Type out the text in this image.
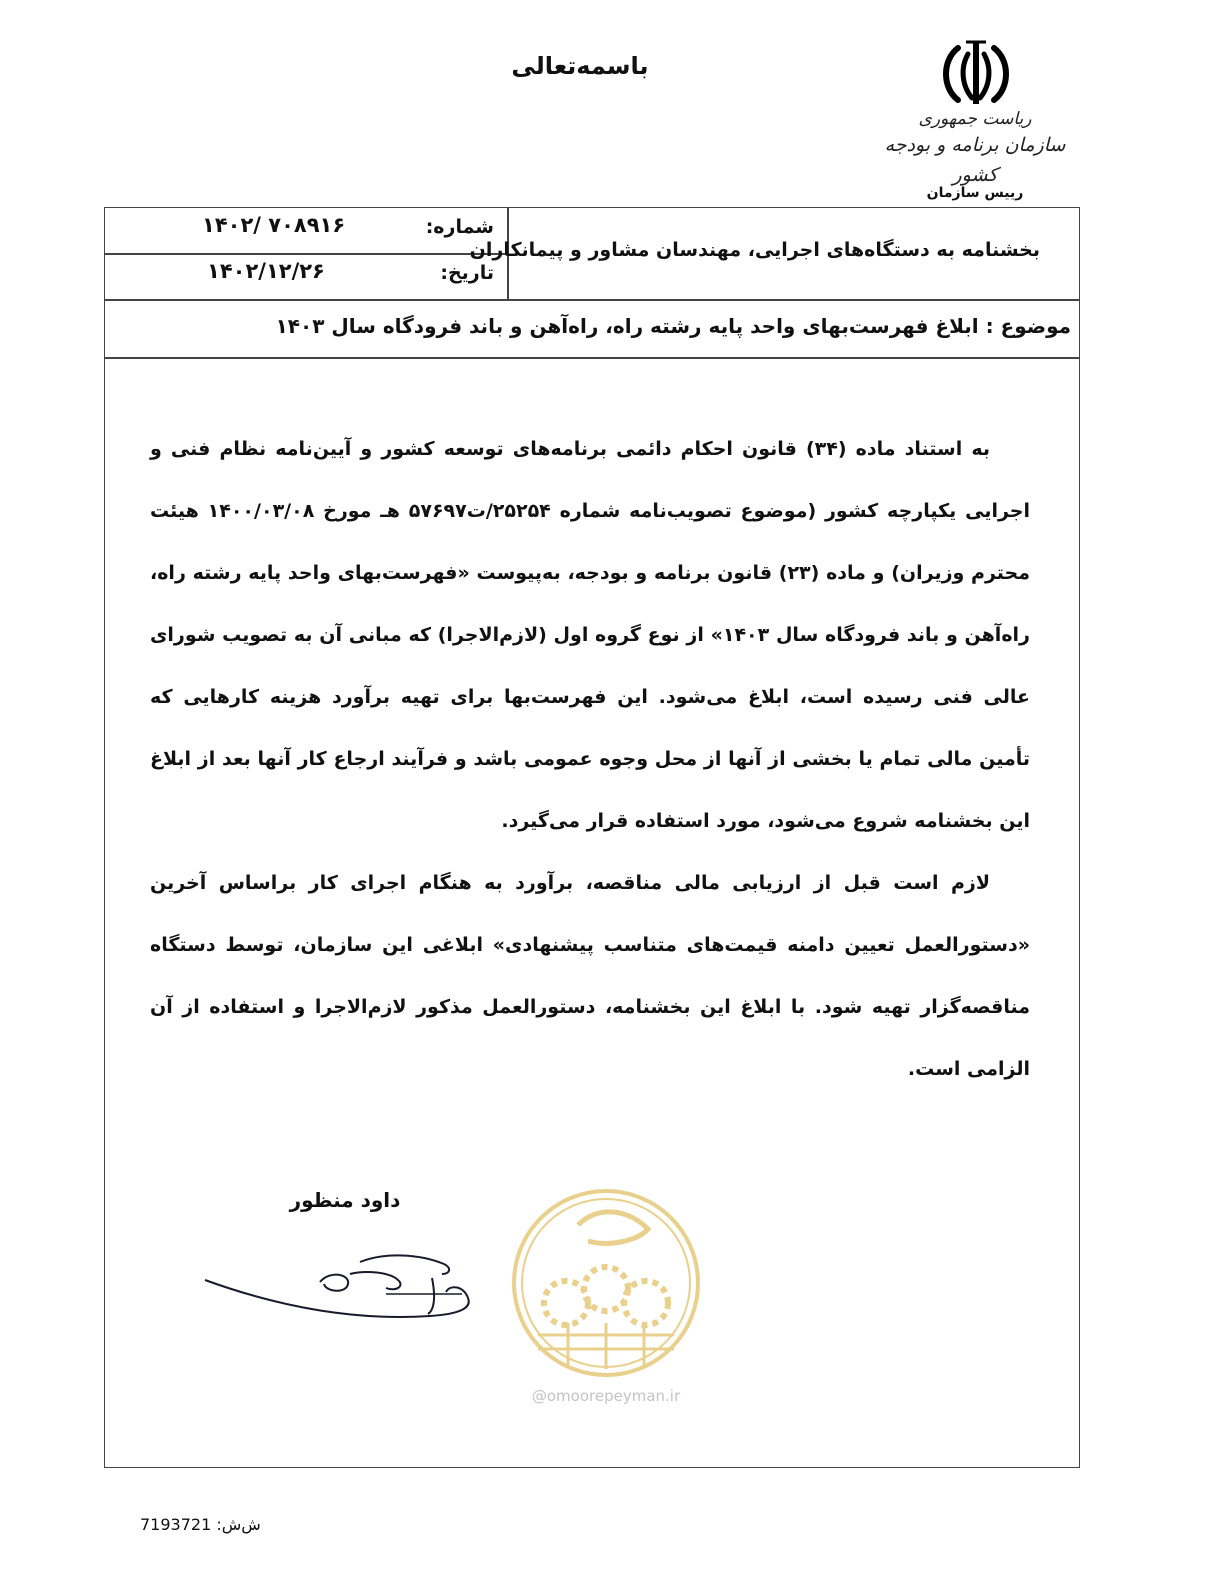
باسمه‌تعالی
ریاست جمهوری
سازمان برنامه و بودجه کشور
رییس سازمان
شماره:
۱۴۰۲/ ۷۰۸۹۱۶
تاریخ:
۱۴۰۲/۱۲/۲۶
بخشنامه به دستگاه‌های اجرایی، مهندسان مشاور و پیمانکاران
موضوع : ابلاغ فهرست‌بهای واحد پایه رشته راه، راه‌آهن و باند فرودگاه سال ۱۴۰۳

به استناد ماده (۳۴) قانون احکام دائمی برنامه‌های توسعه کشور و آیین‌نامه نظام فنی و اجرایی یکپارچه کشور (موضوع تصویب‌نامه شماره ۲۵۲۵۴/ت۵۷۶۹۷ هـ مورخ ۱۴۰۰/۰۳/۰۸ هیئت محترم وزیران) و ماده (۲۳) قانون برنامه و بودجه، به‌پیوست «فهرست‌بهای واحد پایه رشته راه، راه‌آهن و باند فرودگاه سال ۱۴۰۳» از نوع گروه اول (لازم‌الاجرا) که مبانی آن به تصویب شورای عالی فنی رسیده است، ابلاغ می‌شود. این فهرست‌بها برای تهیه برآورد هزینه کارهایی که تأمین مالی تمام یا بخشی از آنها از محل وجوه عمومی باشد و فرآیند ارجاع کار آنها بعد از ابلاغ این بخشنامه شروع می‌شود، مورد استفاده قرار می‌گیرد.

لازم است قبل از ارزیابی مالی مناقصه، برآورد به هنگام اجرای کار براساس آخرین «دستورالعمل تعیین دامنه قیمت‌های متناسب پیشنهادی» ابلاغی این سازمان، توسط دستگاه مناقصه‌گزار تهیه شود. با ابلاغ این بخشنامه، دستورالعمل مذکور لازم‌الاجرا و استفاده از آن الزامی است.

داود منظور
@omoorepeyman.ir
ش‌ش: 7193721
